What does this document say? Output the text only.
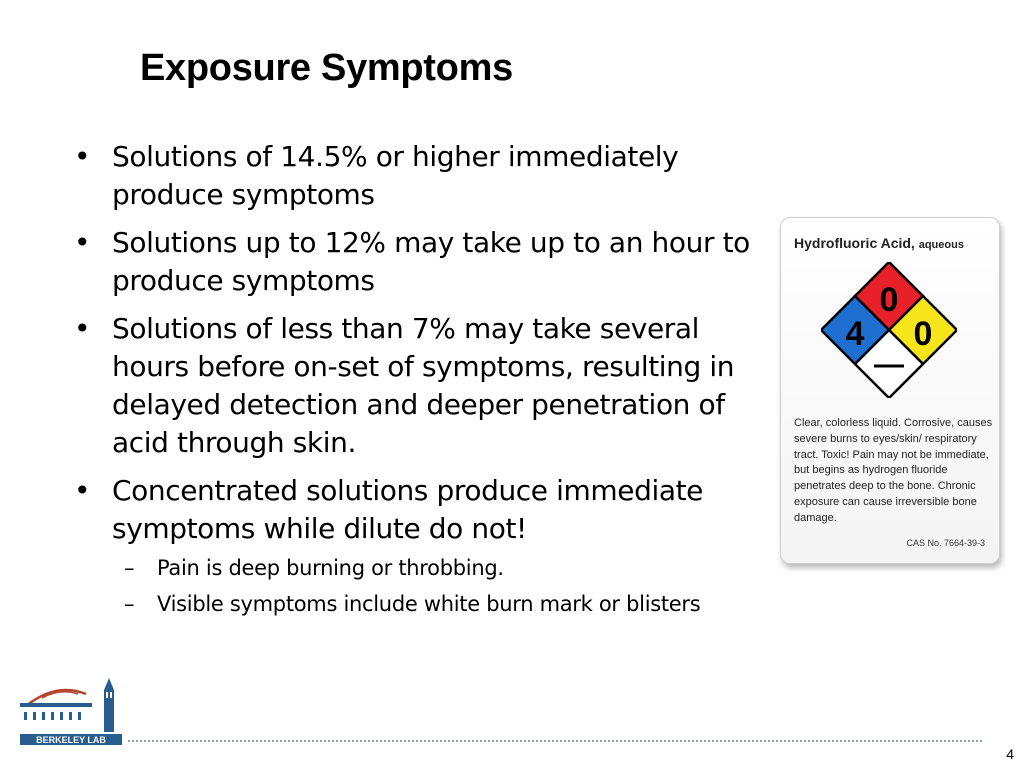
Exposure Symptoms
• Solutions of 14.5% or higher immediately produce symptoms
• Solutions up to 12% may take up to an hour to produce symptoms
• Solutions of less than 7% may take several hours before on-set of symptoms, resulting in delayed detection and deeper penetration of acid through skin.
• Concentrated solutions produce immediate symptoms while dilute do not!
– Pain is deep burning or throbbing.
– Visible symptoms include white burn mark or blisters
Hydrofluoric Acid, aqueous
0
4 0
—
Clear, colorless liquid. Corrosive, causes severe burns to eyes/skin/ respiratory tract. Toxic! Pain may not be immediate, but begins as hydrogen fluoride penetrates deep to the bone. Chronic exposure can cause irreversible bone damage.
CAS No. 7664-39-3
BERKELEY LAB
4
